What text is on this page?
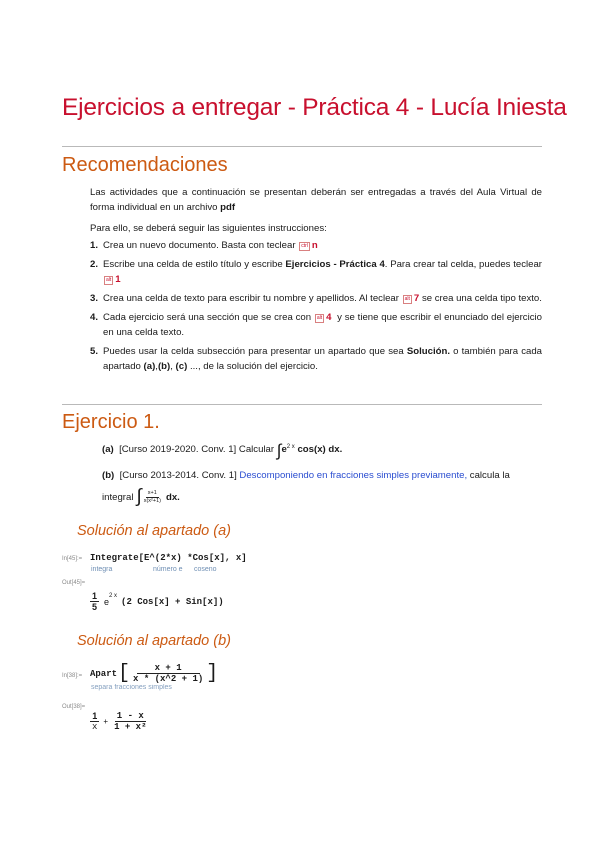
Ejercicios a entregar - Práctica 4 - Lucía Iniesta
Recomendaciones
Las actividades que a continuación se presentan deberán ser entregadas a través del Aula Virtual de forma individual en un archivo pdf
Para ello, se deberá seguir las siguientes instrucciones:
1. Crea un nuevo documento. Basta con teclear ctrl n
2. Escribe una celda de estilo título y escribe Ejercicios - Práctica 4. Para crear tal celda, puedes teclear alt 1
3. Crea una celda de texto para escribir tu nombre y apellidos. Al teclear alt 7 se crea una celda tipo texto.
4. Cada ejercicio será una sección que se crea con alt 4 y se tiene que escribir el enunciado del ejercicio en una celda texto.
5. Puedes usar la celda subsección para presentar un apartado que sea Solución. o también para cada apartado (a),(b), (c) ..., de la solución del ejercicio.
Ejercicio 1.
(a) [Curso 2019-2020. Conv. 1] Calcular $\int e^{2 x}$ cos(x) dx.
(b) [Curso 2013-2014. Conv. 1] Descomponiendo en fracciones simples previamente, calcula la
integral ∫ $\frac{x+1}{\text{x(x²+1)}}$ dx.
Solución al apartado (a)
In[45]:= Integrate[E^(2*x) *Cos[x], x]
integra	número e coseno
Out[45]=
$\frac{1}{5}$ e
$^{2 x}$
(2 Cos[x] + Sin[x])
Solución al apartado (b)
In[38]:= Apart [ $\frac{x + 1}{x * (x\^{}2 + 1)}$ ]
separa fracciones simples
Out[38]=
$\frac{1}{x} + \frac{1 - x}{\text{1 + x²}}$
